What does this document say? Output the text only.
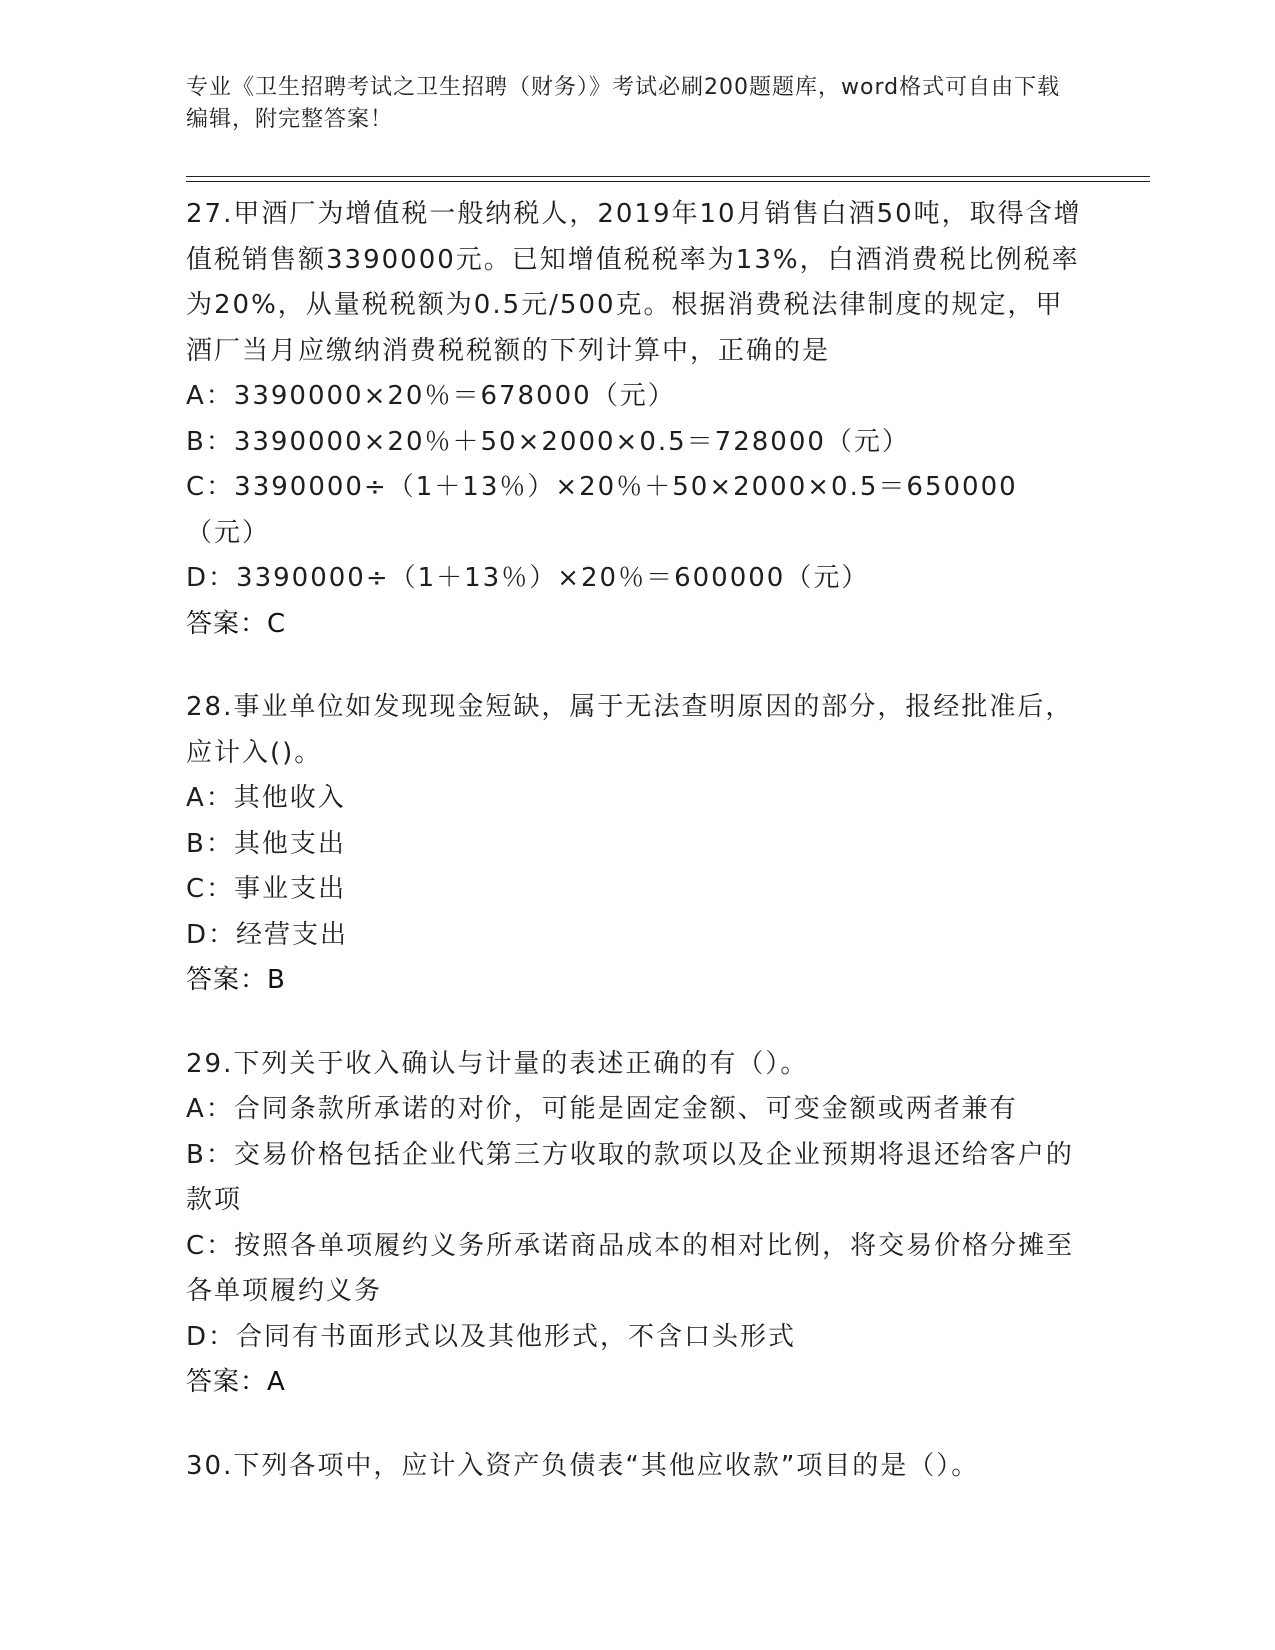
专业《卫生招聘考试之卫生招聘（财务）》考试必刷200题题库，word格式可自由下载编辑，附完整答案！

27.甲酒厂为增值税一般纳税人，2019年10月销售白酒50吨，取得含增值税销售额3390000元。已知增值税税率为13%，白酒消费税比例税率为20%，从量税税额为0.5元/500克。根据消费税法律制度的规定，甲酒厂当月应缴纳消费税税额的下列计算中，正确的是

A：3390000×20％＝678000（元）

B：3390000×20％＋50×2000×0.5＝728000（元）

C：3390000÷（1＋13％）×20％＋50×2000×0.5＝650000（元）

D：3390000÷（1＋13％）×20％＝600000（元）

答案：C

28.事业单位如发现现金短缺，属于无法查明原因的部分，报经批准后，应计入()。

A：其他收入

B：其他支出

C：事业支出

D：经营支出

答案：B

29.下列关于收入确认与计量的表述正确的有（）。

A：合同条款所承诺的对价，可能是固定金额、可变金额或两者兼有

B：交易价格包括企业代第三方收取的款项以及企业预期将退还给客户的款项

C：按照各单项履约义务所承诺商品成本的相对比例，将交易价格分摊至各单项履约义务

D：合同有书面形式以及其他形式，不含口头形式

答案：A

30.下列各项中，应计入资产负债表“其他应收款”项目的是（）。
